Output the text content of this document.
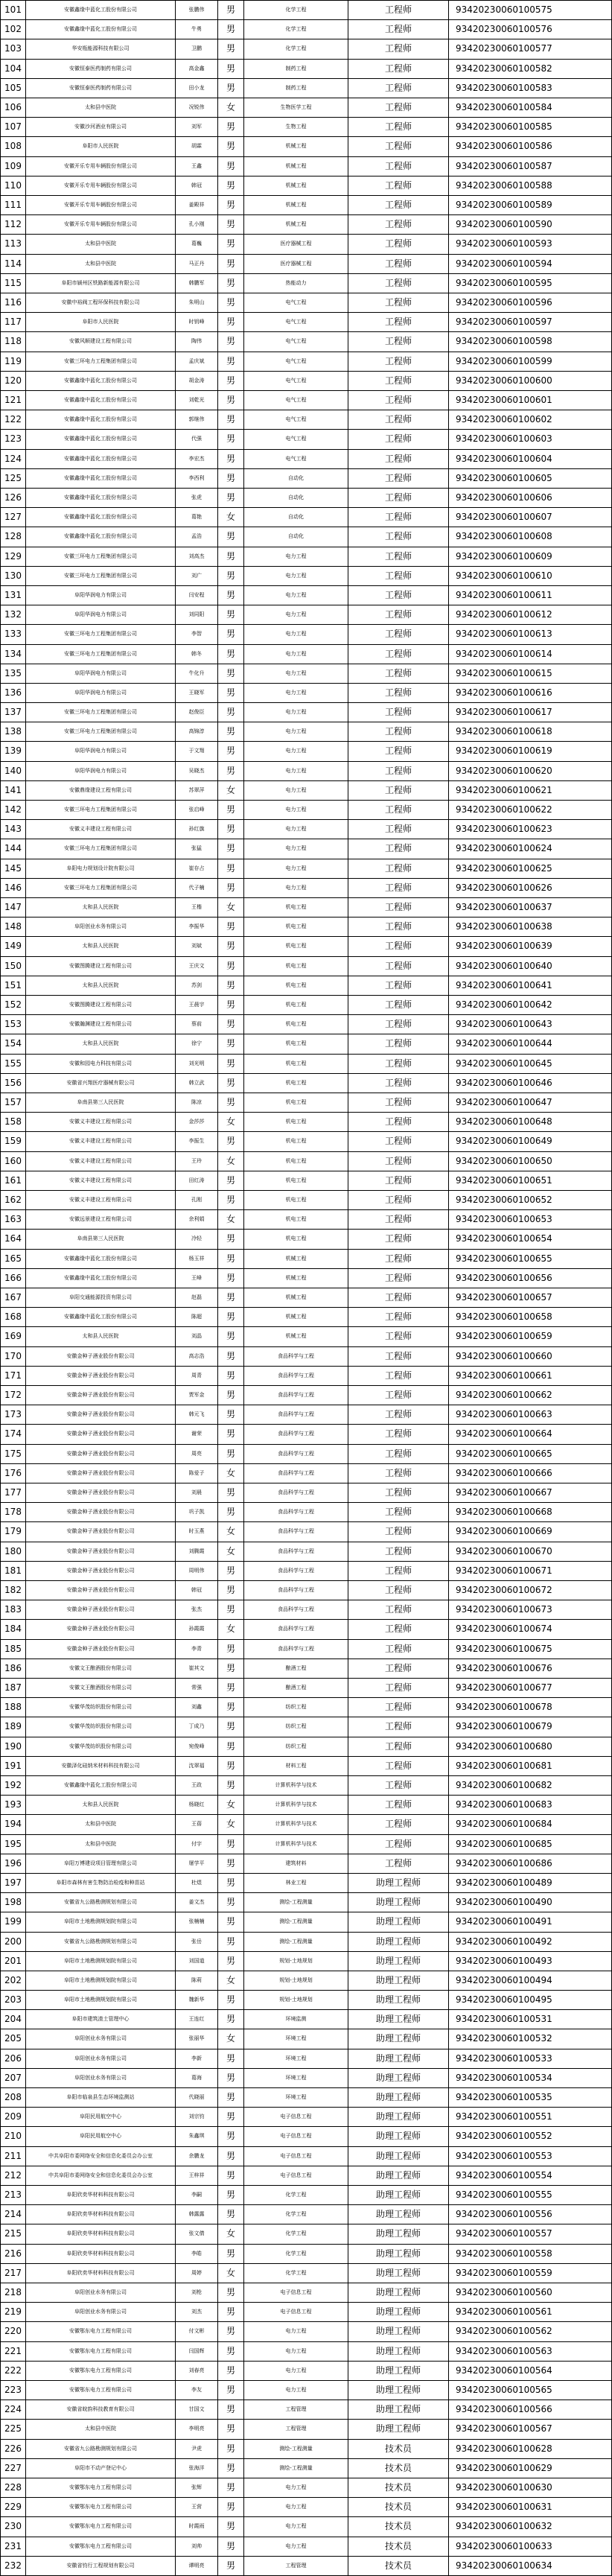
101	安徽鑫缘中蓝化工股份有限公司	张鹏伟	男	化学工程	工程师	93420230060100575
102	安徽鑫缘中蓝化工股份有限公司	牛勇	男	化学工程	工程师	93420230060100576
103	华安瓶能源科技有限公司	卫鹏	男	化学工程	工程师	93420230060100577
104	安徽恒泰医药制药有限公司	高金鑫	男	制药工程	工程师	93420230060100582
105	安徽恒泰医药制药有限公司	田小龙	男	制药工程	工程师	93420230060100583
106	太和县中医院	况锐伟	女	生物医学工程	工程师	93420230060100584
107	安徽沙河酒业有限公司	刘军	男	生物工程	工程师	93420230060100585
108	阜阳市人民医院	胡霖	男	机械工程	工程师	93420230060100586
109	安徽开乐专用车辆股份有限公司	王鑫	男	机械工程	工程师	93420230060100587
110	安徽开乐专用车辆股份有限公司	韩冠	男	机械工程	工程师	93420230060100588
111	安徽开乐专用车辆股份有限公司	姜殿祥	男	机械工程	工程师	93420230060100589
112	安徽开乐专用车辆股份有限公司	孔小刚	男	机械工程	工程师	93420230060100590
113	太和县中医院	葛巍	男	医疗器械工程	工程师	93420230060100593
114	太和县中医院	马正丹	男	医疗器械工程	工程师	93420230060100594
115	阜阳市颍州区铁路新能源有限公司	韩鹏军	男	热能动力	工程师	93420230060100595
116	安徽中裕阀工程环保科技有限公司	朱明山	男	电气工程	工程师	93420230060100596
117	阜阳市人民医院	时钥峰	男	电气工程	工程师	93420230060100597
118	安徽风顺建设工程有限公司	陶伟	男	电气工程	工程师	93420230060100598
119	安徽三环电力工程集团有限公司	孟庆斌	男	电气工程	工程师	93420230060100599
120	安徽鑫缘中蓝化工股份有限公司	胡金涛	男	电气工程	工程师	93420230060100600
121	安徽鑫缘中蓝化工股份有限公司	刘乾光	男	电气工程	工程师	93420230060100601
122	安徽鑫缘中蓝化工股份有限公司	郭继伟	男	电气工程	工程师	93420230060100602
123	安徽鑫缘中蓝化工股份有限公司	代强	男	电气工程	工程师	93420230060100603
124	安徽鑫缘中蓝化工股份有限公司	李宏杰	男	电气工程	工程师	93420230060100604
125	安徽鑫缘中蓝化工股份有限公司	李西利	男	自动化	工程师	93420230060100605
126	安徽鑫缘中蓝化工股份有限公司	张虎	男	自动化	工程师	93420230060100606
127	安徽鑫缘中蓝化工股份有限公司	葛艳	女	自动化	工程师	93420230060100607
128	安徽鑫缘中蓝化工股份有限公司	孟浩	男	自动化	工程师	93420230060100608
129	安徽三环电力工程集团有限公司	刘高杰	男	电力工程	工程师	93420230060100609
130	安徽三环电力工程集团有限公司	刘广	男	电力工程	工程师	93420230060100610
131	阜阳华润电力有限公司	闫安程	男	电力工程	工程师	93420230060100611
132	阜阳华润电力有限公司	刘同阳	男	电力工程	工程师	93420230060100612
133	安徽三环电力工程集团有限公司	李智	男	电力工程	工程师	93420230060100613
134	安徽三环电力工程集团有限公司	韩冬	男	电力工程	工程师	93420230060100614
135	阜阳华润电力有限公司	牛化升	男	电力工程	工程师	93420230060100615
136	阜阳华润电力有限公司	王晓军	男	电力工程	工程师	93420230060100616
137	安徽三环电力工程集团有限公司	赵俊臣	男	电力工程	工程师	93420230060100617
138	安徽三环电力工程集团有限公司	高锦淳	男	电力工程	工程师	93420230060100618
139	阜阳华润电力有限公司	于文翔	男	电力工程	工程师	93420230060100619
140	阜阳华润电力有限公司	吴晓杰	男	电力工程	工程师	93420230060100620
141	安徽鼎缘建设工程有限公司	苏翠萍	女	电力工程	工程师	93420230060100621
142	安徽三环电力工程集团有限公司	张启峰	男	电力工程	工程师	93420230060100622
143	安徽义丰建设工程有限公司	孙红旗	男	电力工程	工程师	93420230060100623
144	安徽三环电力工程集团有限公司	张猛	男	电力工程	工程师	93420230060100624
145	阜阳电力规划设计院有限公司	崔存占	男	电力工程	工程师	93420230060100625
146	安徽三环电力工程集团有限公司	代子楠	男	电力工程	工程师	93420230060100626
147	太和县人民医院	王楷	女	机电工程	工程师	93420230060100637
148	阜阳创业水务有限公司	李振华	男	机电工程	工程师	93420230060100638
149	太和县人民医院	刘斌	男	机电工程	工程师	93420230060100639
150	安徽图腾建设工程有限公司	王庆文	男	机电工程	工程师	93420230060100640
151	太和县人民医院	苏剑	男	机电工程	工程师	93420230060100641
152	安徽图腾建设工程有限公司	王晨宇	男	机电工程	工程师	93420230060100642
153	安徽瀚渊建设工程有限公司	蔡前	男	机电工程	工程师	93420230060100643
154	太和县人民医院	徐宁	男	机电工程	工程师	93420230060100644
155	安徽和园电力科技有限公司	刘光明	男	机电工程	工程师	93420230060100645
156	安徽省兴翔医疗器械有限公司	韩立武	男	机电工程	工程师	93420230060100646
157	阜南县第三人民医院	陈凉	男	机电工程	工程师	93420230060100647
158	安徽义丰建设工程有限公司	金莎莎	女	机电工程	工程师	93420230060100648
159	安徽义丰建设工程有限公司	李振生	男	机电工程	工程师	93420230060100649
160	安徽义丰建设工程有限公司	王玲	女	机电工程	工程师	93420230060100650
161	安徽义丰建设工程有限公司	田红涛	男	机电工程	工程师	93420230060100651
162	安徽义丰建设工程有限公司	孔刚	男	机电工程	工程师	93420230060100652
163	安徽远景建设工程有限公司	余利娟	女	机电工程	工程师	93420230060100653
164	阜南县第三人民医院	冷轻	男	机电工程	工程师	93420230060100654
165	安徽鑫缘中蓝化工股份有限公司	杨玉祥	男	机械工程	工程师	93420230060100655
166	安徽鑫缘中蓝化工股份有限公司	王峰	男	机械工程	工程师	93420230060100656
167	阜阳交通能源投资有限公司	赵磊	男	机械工程	工程师	93420230060100657
168	安徽鑫缘中蓝化工股份有限公司	陈超	男	机械工程	工程师	93420230060100658
169	太和县人民医院	刘晶	男	机械工程	工程师	93420230060100659
170	安徽金种子酒业股份有限公司	高志浩	男	食品科学与工程	工程师	93420230060100660
171	安徽金种子酒业股份有限公司	周青	男	食品科学与工程	工程师	93420230060100661
172	安徽金种子酒业股份有限公司	贾军金	男	食品科学与工程	工程师	93420230060100662
173	安徽金种子酒业股份有限公司	韩元飞	男	食品科学与工程	工程师	93420230060100663
174	安徽金种子酒业股份有限公司	谢荣	男	食品科学与工程	工程师	93420230060100664
175	安徽金种子酒业股份有限公司	周亮	男	食品科学与工程	工程师	93420230060100665
176	安徽金种子酒业股份有限公司	陈爱子	女	食品科学与工程	工程师	93420230060100666
177	安徽金种子酒业股份有限公司	刘晨	男	食品科学与工程	工程师	93420230060100667
178	安徽金种子酒业股份有限公司	巩子凯	男	食品科学与工程	工程师	93420230060100668
179	安徽金种子酒业股份有限公司	时玉燕	女	食品科学与工程	工程师	93420230060100669
180	安徽金种子酒业股份有限公司	刘腾霞	女	食品科学与工程	工程师	93420230060100670
181	安徽金种子酒业股份有限公司	周明伟	男	食品科学与工程	工程师	93420230060100671
182	安徽金种子酒业股份有限公司	韩冠	男	食品科学与工程	工程师	93420230060100672
183	安徽金种子酒业股份有限公司	张杰	男	食品科学与工程	工程师	93420230060100673
184	安徽金种子酒业股份有限公司	孙霞霞	女	食品科学与工程	工程师	93420230060100674
185	安徽金种子酒业股份有限公司	李青	男	食品科学与工程	工程师	93420230060100675
186	安徽文王酿酒股份有限公司	崔其文	男	酿酒工程	工程师	93420230060100676
187	安徽文王酿酒股份有限公司	常强	男	酿酒工程	工程师	93420230060100677
188	安徽华茂纺织股份有限公司	刘鑫	男	纺织工程	工程师	93420230060100678
189	安徽华茂纺织股份有限公司	丁成乃	男	纺织工程	工程师	93420230060100679
190	安徽华茂纺织股份有限公司	宛俊峰	男	纺织工程	工程师	93420230060100680
191	安徽泽化硅纳米材料科技有限公司	沈翠福	男	材料工程	工程师	93420230060100681
192	安徽鑫缘中蓝化工股份有限公司	王政	男	计算机科学与技术	工程师	93420230060100682
193	太和县人民医院	杨晓红	女	计算机科学与技术	工程师	93420230060100683
194	太和县中医院	王蓓	女	计算机科学与技术	工程师	93420230060100684
195	太和县中医院	付宇	男	计算机科学与技术	工程师	93420230060100685
196	阜阳万博建设项目管理有限公司	屠学平	男	建筑材料	工程师	93420230060100686
197	阜阳市森林有害生物防治检疫和种苗站	杜煜	男	林业工程	助理工程师	93420230060100489
198	安徽省九公路勘测规划有限公司	姜文杰	男	测绘-工程测量	助理工程师	93420230060100490
199	阜阳市土地勘测规划院有限公司	张楠楠	男	测绘-工程测量	助理工程师	93420230060100491
200	安徽省九公路勘测规划有限公司	张岳	男	测绘-工程测量	助理工程师	93420230060100492
201	阜阳市土地勘测规划院有限公司	刘国道	男	规划-土地规划	助理工程师	93420230060100493
202	阜阳市土地勘测规划院有限公司	陈莉	女	规划-土地规划	助理工程师	93420230060100494
203	阜阳市土地勘测规划院有限公司	魏新华	男	规划-土地规划	助理工程师	93420230060100495
204	阜阳市建筑渣土管理中心	王连红	男	环境监测	助理工程师	93420230060100531
205	阜阳创业水务有限公司	张丽华	女	环境工程	助理工程师	93420230060100532
206	阜阳创业水务有限公司	李新	男	环境工程	助理工程师	93420230060100533
207	阜阳创业水务有限公司	葛海	男	环境工程	助理工程师	93420230060100534
208	阜阳市临泉县生态环境监测站	代晓丽	男	环境工程	助理工程师	93420230060100535
209	阜阳民用航空中心	刘宗钧	男	电子信息工程	助理工程师	93420230060100551
210	阜阳民用航空中心	朱鑫琪	男	电子信息工程	助理工程师	93420230060100552
211	中共阜阳市委网络安全和信息化委员会办公室	余鹏龙	男	电子信息工程	助理工程师	93420230060100553
212	中共阜阳市委网络安全和信息化委员会办公室	王梓祥	男	电子信息工程	助理工程师	93420230060100554
213	阜阳欣奕华材料科技有限公司	李嗣	男	化学工程	助理工程师	93420230060100555
214	阜阳欣奕华材料科技有限公司	韩露露	男	化学工程	助理工程师	93420230060100556
215	阜阳欣奕华材料科技有限公司	张文倩	女	化学工程	助理工程师	93420230060100557
216	阜阳欣奕华材料科技有限公司	李皓	男	化学工程	助理工程师	93420230060100558
217	阜阳欣奕华材料科技有限公司	周婷	女	化学工程	助理工程师	93420230060100559
218	阜阳创业水务有限公司	刘枪	男	电子信息工程	助理工程师	93420230060100560
219	阜阳创业水务有限公司	刘杰	男	电子信息工程	助理工程师	93420230060100561
220	安徽鄂东电力工程有限公司	付文彬	男	电力工程	助理工程师	93420230060100562
221	安徽鄂东电力工程有限公司	闫国辉	男	电力工程	助理工程师	93420230060100563
222	安徽鄂东电力工程有限公司	刘春亮	男	电力工程	助理工程师	93420230060100564
223	安徽鄂东电力工程有限公司	李友	男	电力工程	助理工程师	93420230060100565
224	安徽省皖韵科技教育有限公司	甘国文	男	工程管理	助理工程师	93420230060100566
225	太和县中医院	李明亮	男	工程管理	助理工程师	93420230060100567
226	安徽省九公路勘测规划有限公司	尹虎	男	测绘-工程测量	技术员	93420230060100628
227	阜阳市不动产登记中心	张海洋	男	测绘-工程测量	技术员	93420230060100629
228	安徽鄂东电力工程有限公司	张辉	男	电力工程	技术员	93420230060100630
229	安徽鄂东电力工程有限公司	王营	男	电力工程	技术员	93420230060100631
230	安徽鄂东电力工程有限公司	时霞雨	男	电力工程	技术员	93420230060100632
231	安徽鄂东电力工程有限公司	刘帅	男	电力工程	技术员	93420230060100633
232	安徽省钧行工程规划有限公司	谭明亮	男	工程管理	技术员	93420230060100634
